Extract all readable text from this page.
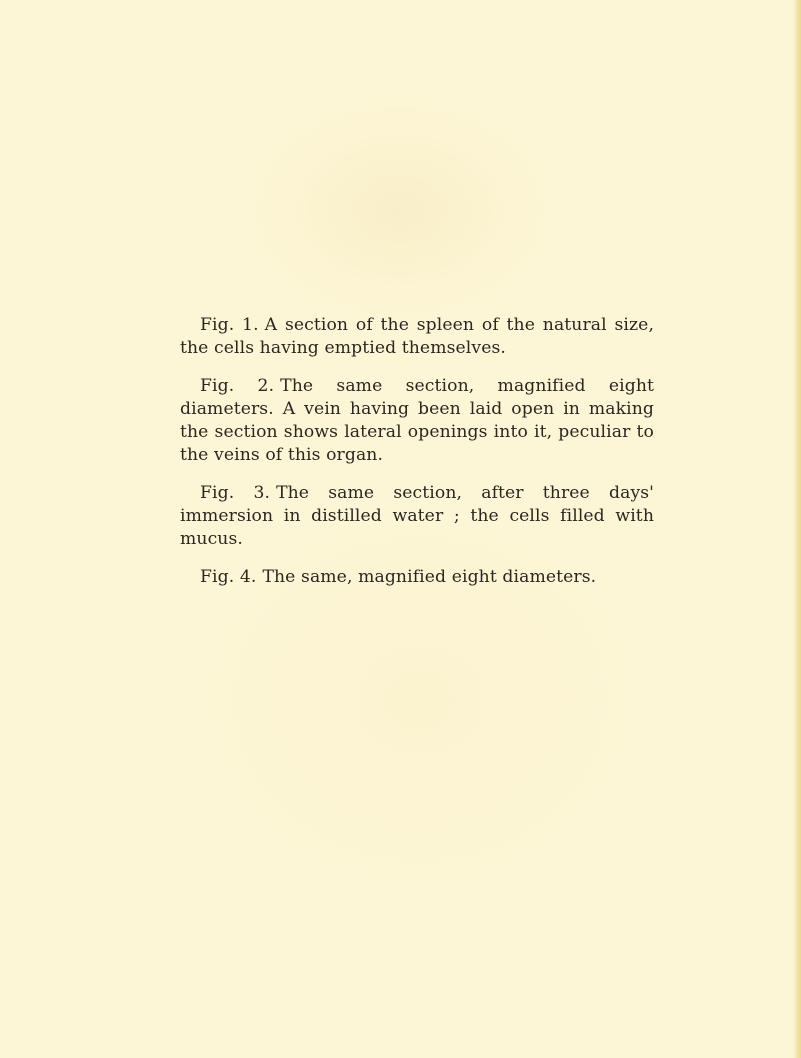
Fig. 1. A section of the spleen of the natural size, the cells having emptied themselves.

Fig. 2. The same section, magnified eight diameters. A vein having been laid open in making the section shows lateral openings into it, peculiar to the veins of this organ.

Fig. 3. The same section, after three days' immersion in distilled water ; the cells filled with mucus.

Fig. 4. The same, magnified eight diameters.
